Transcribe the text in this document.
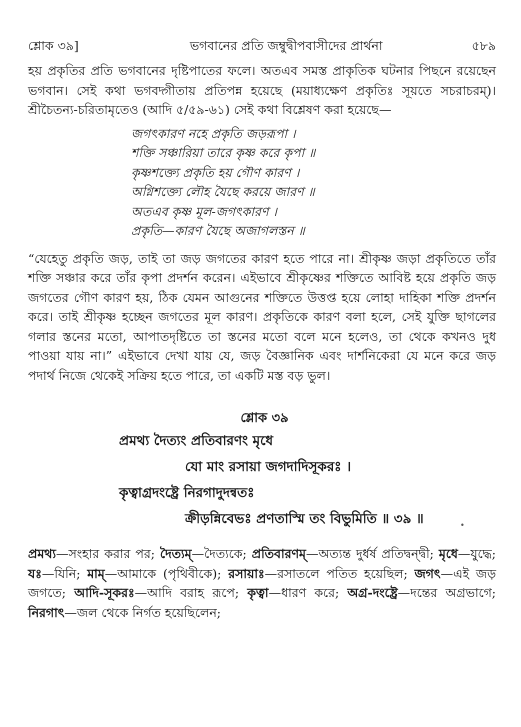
শ্লোক ৩৯]	ভগবানের প্রতি জম্বুদ্বীপবাসীদের প্রার্থনা	৫৮৯

হয় প্রকৃতির প্রতি ভগবানের দৃষ্টিপাতের ফলে। অতএব সমস্ত প্রাকৃতিক ঘটনার পিছনে রয়েছেন ভগবান। সেই কথা ভগবদ্গীতায় প্রতিপন্ন হয়েছে (ময়াধ্যক্ষেণ প্রকৃতিঃ সূয়তে সচরাচরম্)। শ্রীচৈতন্য-চরিতামৃতেও (আদি ৫/৫৯-৬১) সেই কথা বিশ্লেষণ করা হয়েছে—

জগৎকারণ নহে প্রকৃতি জড়রূপা ।
শক্তি সঞ্চারিয়া তারে কৃষ্ণ করে কৃপা ॥
কৃষ্ণশক্ত্যে প্রকৃতি হয় গৌণ কারণ ।
অগ্নিশক্ত্যে লৌহ যৈছে করয়ে জারণ ॥
অতএব কৃষ্ণ মূল-জগৎকারণ ।
প্রকৃতি—কারণ যৈছে অজাগলস্তন ॥

“যেহেতু প্রকৃতি জড়, তাই তা জড় জগতের কারণ হতে পারে না। শ্রীকৃষ্ণ জড়া প্রকৃতিতে তাঁর শক্তি সঞ্চার করে তাঁর কৃপা প্রদর্শন করেন। এইভাবে শ্রীকৃষ্ণের শক্তিতে আবিষ্ট হয়ে প্রকৃতি জড় জগতের গৌণ কারণ হয়, ঠিক যেমন আগুনের শক্তিতে উত্তপ্ত হয়ে লোহা দাহিকা শক্তি প্রদর্শন করে। তাই শ্রীকৃষ্ণ হচ্ছেন জগতের মূল কারণ। প্রকৃতিকে কারণ বলা হলে, সেই যুক্তি ছাগলের গলার স্তনের মতো, আপাতদৃষ্টিতে তা স্তনের মতো বলে মনে হলেও, তা থেকে কখনও দুধ পাওয়া যায় না।” এইভাবে দেখা যায় যে, জড় বৈজ্ঞানিক এবং দার্শনিকেরা যে মনে করে জড় পদার্থ নিজে থেকেই সক্রিয় হতে পারে, তা একটি মস্ত বড় ভুল।

শ্লোক ৩৯
প্রমথ্য দৈত্যং প্রতিবারণং মৃধে
যো মাং রসায়া জগদাদিসূকরঃ ।
কৃত্বাগ্রদংষ্ট্রে নিরগাদুদন্বতঃ
ক্রীড়ন্নিবেভঃ প্রণতাস্মি তং বিভুমিতি ॥ ৩৯ ॥
প্রমথ্য—সংহার করার পর; দৈত্যম্—দৈত্যকে; প্রতিবারণম্—অত্যন্ত দুর্ধর্ষ প্রতিদ্বন্দ্বী; মৃধে—যুদ্ধে; যঃ—যিনি; মাম্—আমাকে (পৃথিবীকে); রসায়াঃ—রসাতলে পতিত হয়েছিল; জগৎ—এই জড় জগতে; আদি-সূকরঃ—আদি বরাহ রূপে; কৃত্বা—ধারণ করে; অগ্র-দংষ্ট্রে—দন্তের অগ্রভাগে; নিরগাৎ—জল থেকে নির্গত হয়েছিলেন;
•
